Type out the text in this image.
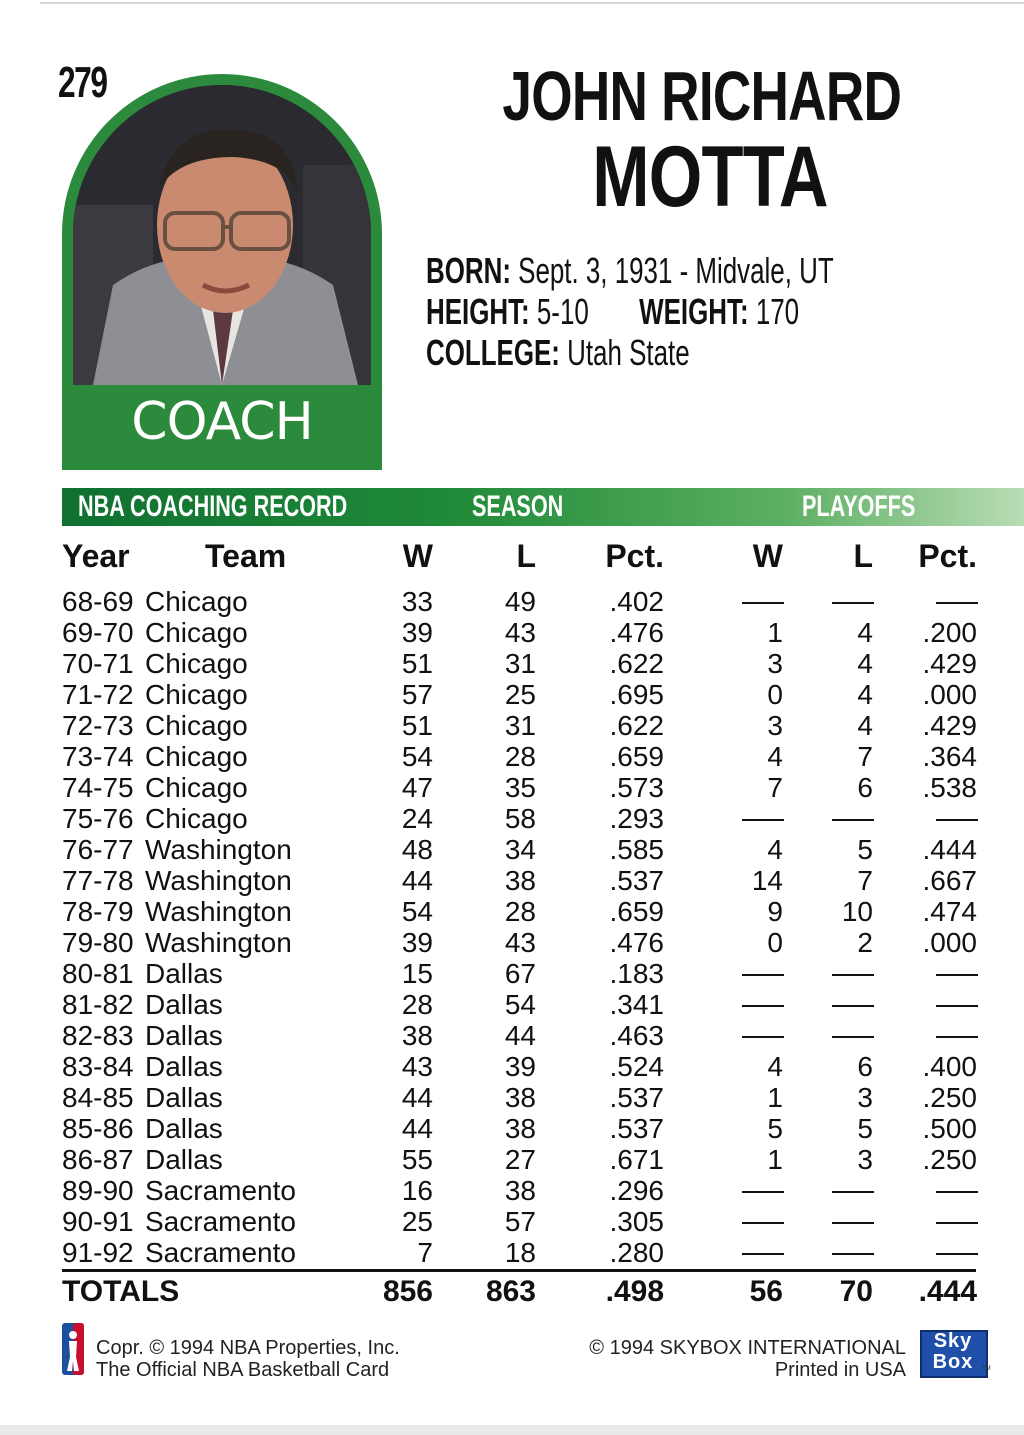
279
COACH
JOHN RICHARD
MOTTA
BORN: Sept. 3, 1931 - Midvale, UT
HEIGHT: 5-10 WEIGHT: 170
COLLEGE: Utah State
NBA COACHING RECORD	SEASON	PLAYOFFS
Copr. © 1994 NBA Properties, Inc.
The Official NBA Basketball Card
© 1994 SKYBOX INTERNATIONAL
Printed in USA
Sky
Box	TM
Year Team	W	L Pct.	W L Pct.
68-69 Chicago	33	49	.402
69-70 Chicago	39	43	.476	1	4 .200
70-71 Chicago	51	31	.622	3	4 .429
71-72 Chicago	57	25	.695	0	4 .000
72-73 Chicago	51	31	.622	3	4 .429
73-74 Chicago	54	28	.659	4	7 .364
74-75 Chicago	47	35	.573	7	6 .538
75-76 Chicago	24	58	.293
76-77 Washington	48	34	.585	4	5 .444
77-78 Washington	44	38	.537	14	7 .667
78-79 Washington	54	28	.659	9 10 .474
79-80 Washington	39	43	.476	0	2 .000
80-81 Dallas	15	67	.183
81-82 Dallas	28	54	.341
82-83 Dallas	38	44	.463
83-84 Dallas	43	39	.524	4	6 .400
84-85 Dallas	44	38	.537	1	3 .250
85-86 Dallas	44	38	.537	5	5 .500
86-87 Dallas	55	27	.671	1	3 .250
89-90 Sacramento	16	38	.296
90-91 Sacramento	25	57	.305
91-92 Sacramento	7	18	.280
TOTALS	856 863 .498	56 70 .444
